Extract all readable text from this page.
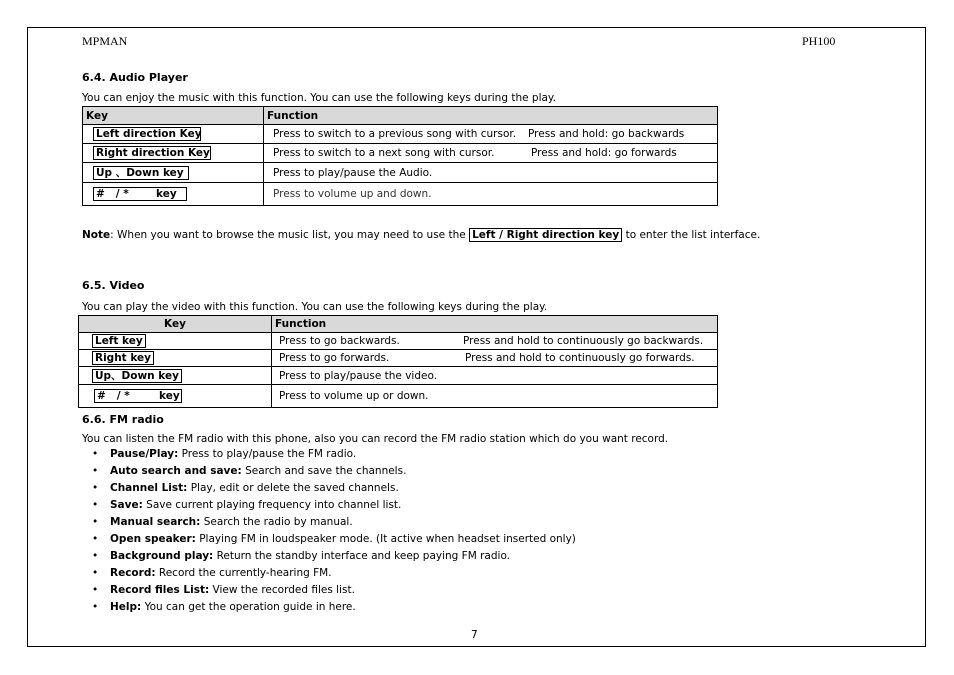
MPMAN	PH100
6.4. Audio Player
You can enjoy the music with this function. You can use the following keys during the play.
Key	Function
Left direction Key	Press to switch to a previous song with cursor. Press and hold: go backwards
Right direction Key	Press to switch to a next song with cursor. Press and hold: go forwards
Up 、Down key	Press to play/pause the Audio.
#   / * key	Press to volume up and down.
Note: When you want to browse the music list, you may need to use the Left / Right direction key to enter the list interface.
6.5. Video
You can play the video with this function. You can use the following keys during the play.
Key	Function
Left key	Press to go backwards. Press and hold to continuously go backwards.
Right key	Press to go forwards. Press and hold to continuously go forwards.
Up、Down key	Press to play/pause the video.
#   / * key	Press to volume up or down.
6.6. FM radio
You can listen the FM radio with this phone, also you can record the FM radio station which do you want record.
• Pause/Play: Press to play/pause the FM radio.
• Auto search and save: Search and save the channels.
• Channel List: Play, edit or delete the saved channels.
• Save: Save current playing frequency into channel list.
• Manual search: Search the radio by manual.
• Open speaker: Playing FM in loudspeaker mode. (It active when headset inserted only)
• Background play: Return the standby interface and keep paying FM radio.
• Record: Record the currently-hearing FM.
• Record files List: View the recorded files list.
• Help: You can get the operation guide in here.
7
